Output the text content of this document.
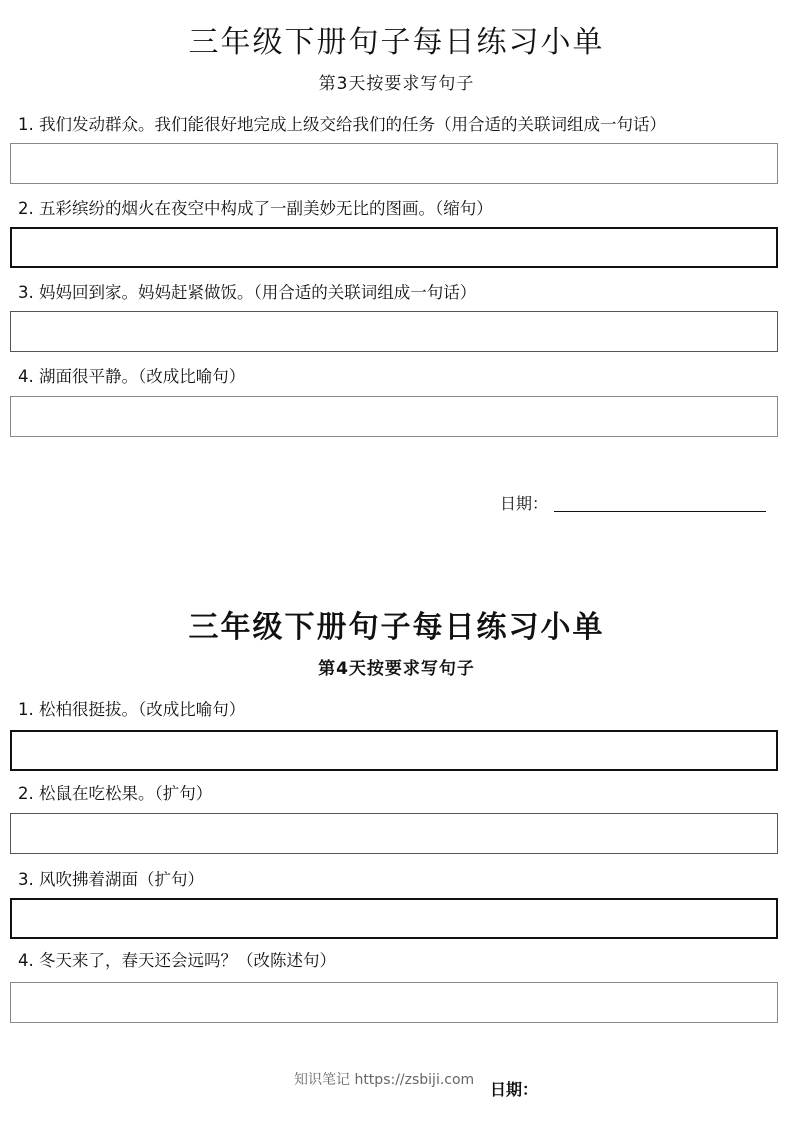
三年级下册句子每日练习小单
第3天按要求写句子
1. 我们发动群众。我们能很好地完成上级交给我们的任务（用合适的关联词组成一句话）
2. 五彩缤纷的烟火在夜空中构成了一副美妙无比的图画。（缩句）
3. 妈妈回到家。妈妈赶紧做饭。（用合适的关联词组成一句话）
4. 湖面很平静。（改成比喻句）
日期：
三年级下册句子每日练习小单
第4天按要求写句子
1. 松柏很挺拔。（改成比喻句）
2. 松鼠在吃松果。（扩句）
3. 风吹拂着湖面（扩句）
4. 冬天来了，春天还会远吗？（改陈述句）
知识笔记 https://zsbiji.com 日期：
